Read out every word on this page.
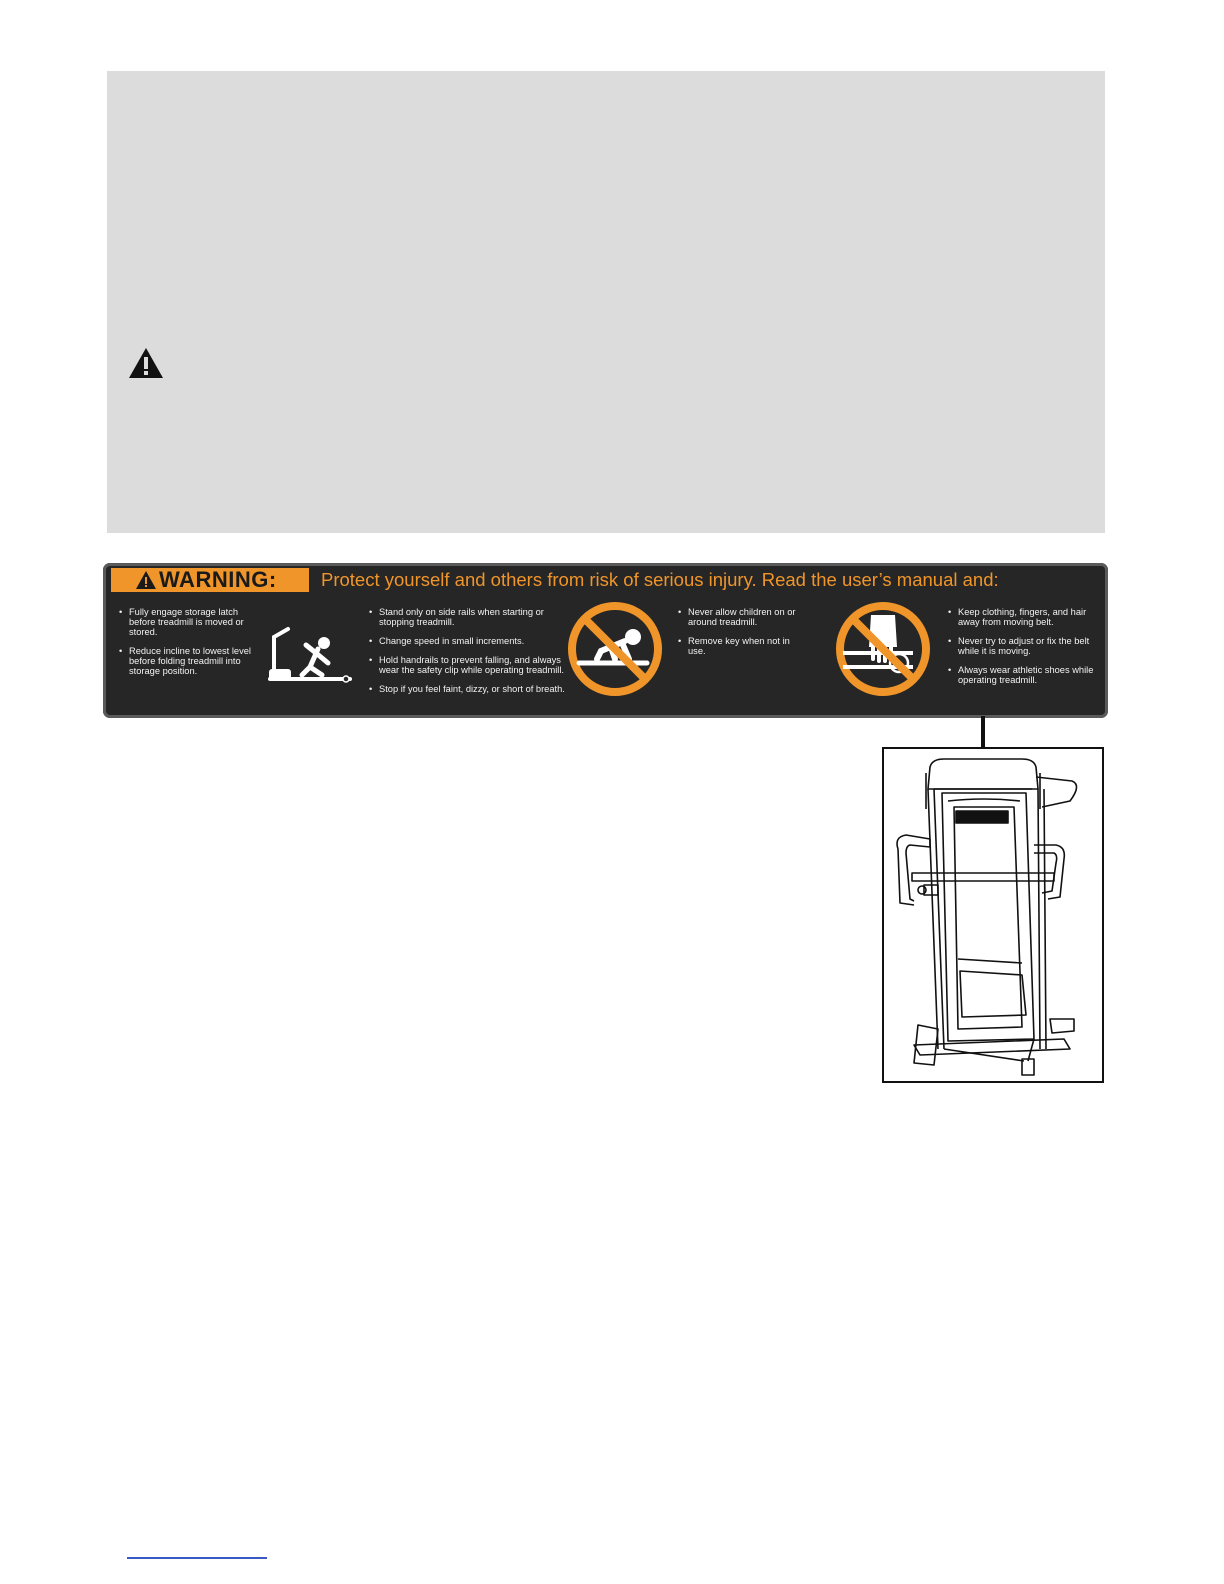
WARNING: Protect yourself and others from risk of serious injury. Read the user’s manual and:
• Fully engage storage latch before treadmill is moved or stored.
• Reduce incline to lowest level before folding treadmill into storage position.
• Stand only on side rails when starting or stopping treadmill.
• Change speed in small increments.
• Hold handrails to prevent falling, and always wear the safety clip while operating treadmill.
• Stop if you feel faint, dizzy, or short of breath.
• Never allow children on or around treadmill.
• Remove key when not in use.
• Keep clothing, fingers, and hair away from moving belt.
• Never try to adjust or fix the belt while it is moving.
• Always wear athletic shoes while operating treadmill.
